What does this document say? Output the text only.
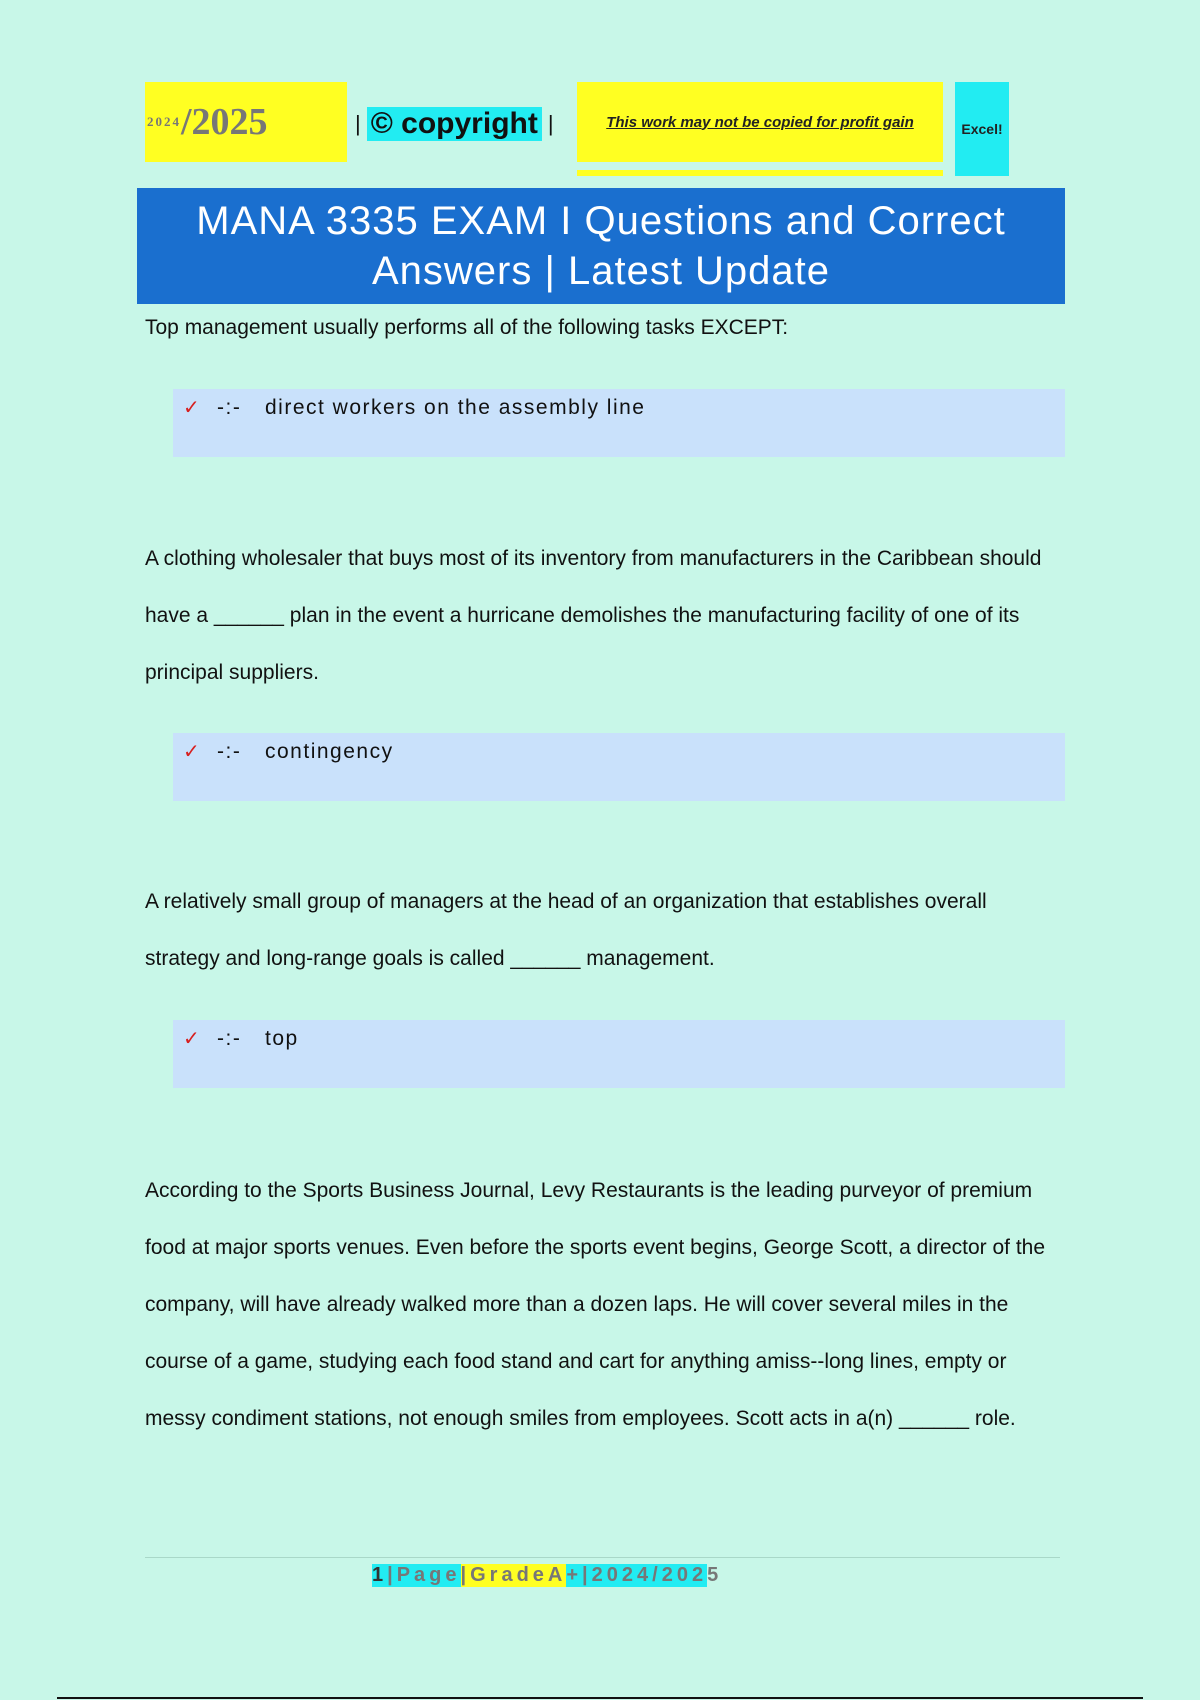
2024 /2025	| © copyright |	This work may not be copied for profit gain	Excel!
MANA 3335 EXAM I Questions and Correct Answers | Latest Update
Top management usually performs all of the following tasks EXCEPT:
✓ -:-	direct workers on the assembly line
A clothing wholesaler that buys most of its inventory from manufacturers in the Caribbean should have a ______ plan in the event a hurricane demolishes the manufacturing facility of one of its principal suppliers.
✓ -:-	contingency
A relatively small group of managers at the head of an organization that establishes overall strategy and long-range goals is called ______ management.
✓ -:-	top
According to the Sports Business Journal, Levy Restaurants is the leading purveyor of premium food at major sports venues. Even before the sports event begins, George Scott, a director of the company, will have already walked more than a dozen laps. He will cover several miles in the course of a game, studying each food stand and cart for anything amiss--long lines, empty or messy condiment stations, not enough smiles from employees. Scott acts in a(n) ______ role.
1 |Page |GradeA +|2024/202 5
